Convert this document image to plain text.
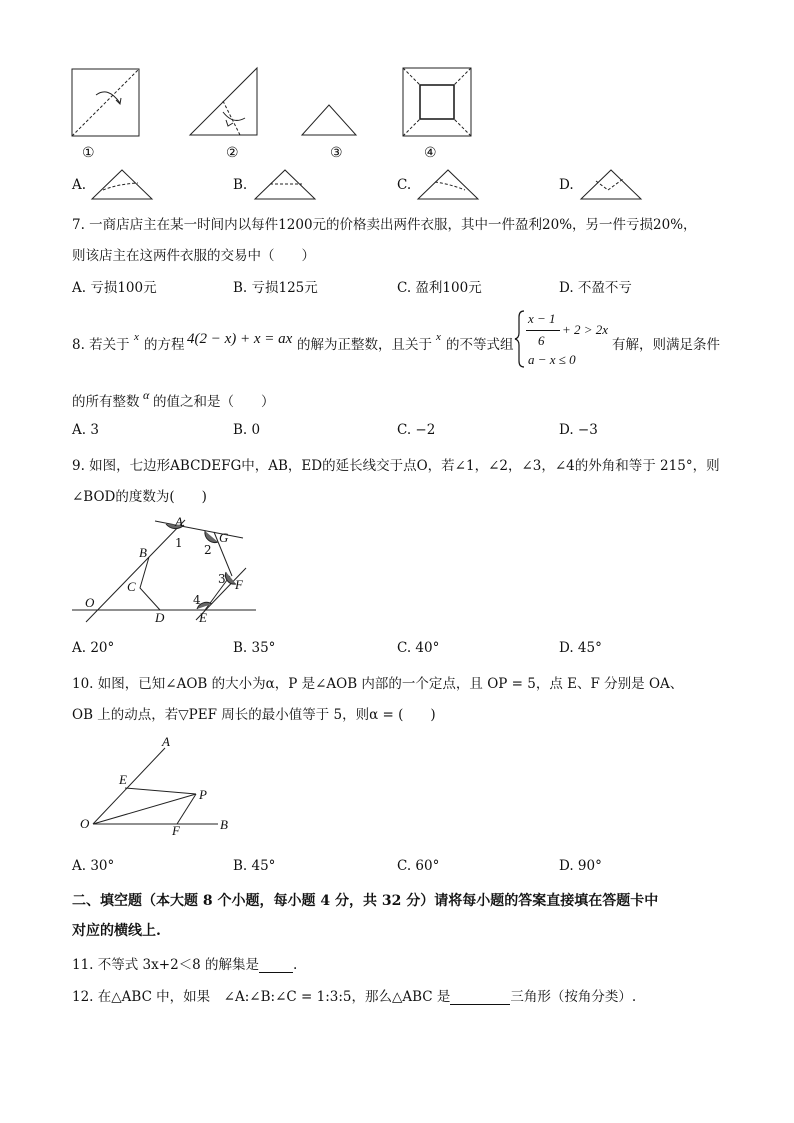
①	②	③	④
A.	B.	C.	D.
7. 一商店店主在某一时间内以每件1200元的价格卖出两件衣服，其中一件盈利20%，另一件亏损20%，
则该店主在这两件衣服的交易中（　　）
A. 亏损100元	B. 亏损125元	C. 盈利100元	D. 不盈不亏
8. 若关于 x 的方程 4(2 − x) + x = ax 的解为正整数，且关于 x 的不等式组
x − 1
6
+ 2 > 2x
a − x ≤ 0
有解，则满足条件
的所有整数 α 的值之和是（　　）
A. 3	B. 0	C. −2	D. −3
9. 如图，七边形ABCDEFG中，AB，ED的延长线交于点O，若∠1，∠2，∠3，∠4的外角和等于 215°，则
∠BOD的度数为(　　)
A
G
B
C	F
O
D	E
1 2
3
4
A. 20°	B. 35°	C. 40°	D. 45°
10. 如图，已知∠AOB 的大小为α，P 是∠AOB 内部的一个定点，且 OP = 5，点 E、F 分别是 OA、
OB 上的动点，若▽PEF 周长的最小值等于 5，则α = (　　)
A
E
P
O	B
F
A. 30°	B. 45°	C. 60°	D. 90°
二、填空题（本大题 8 个小题，每小题 4 分，共 32 分）请将每小题的答案直接填在答题卡中
对应的横线上.
11. 不等式 3x+2＜8 的解集是	.
12. 在△ABC 中，如果　∠A:∠B:∠C = 1:3:5，那么△ABC 是	三角形（按角分类）.
